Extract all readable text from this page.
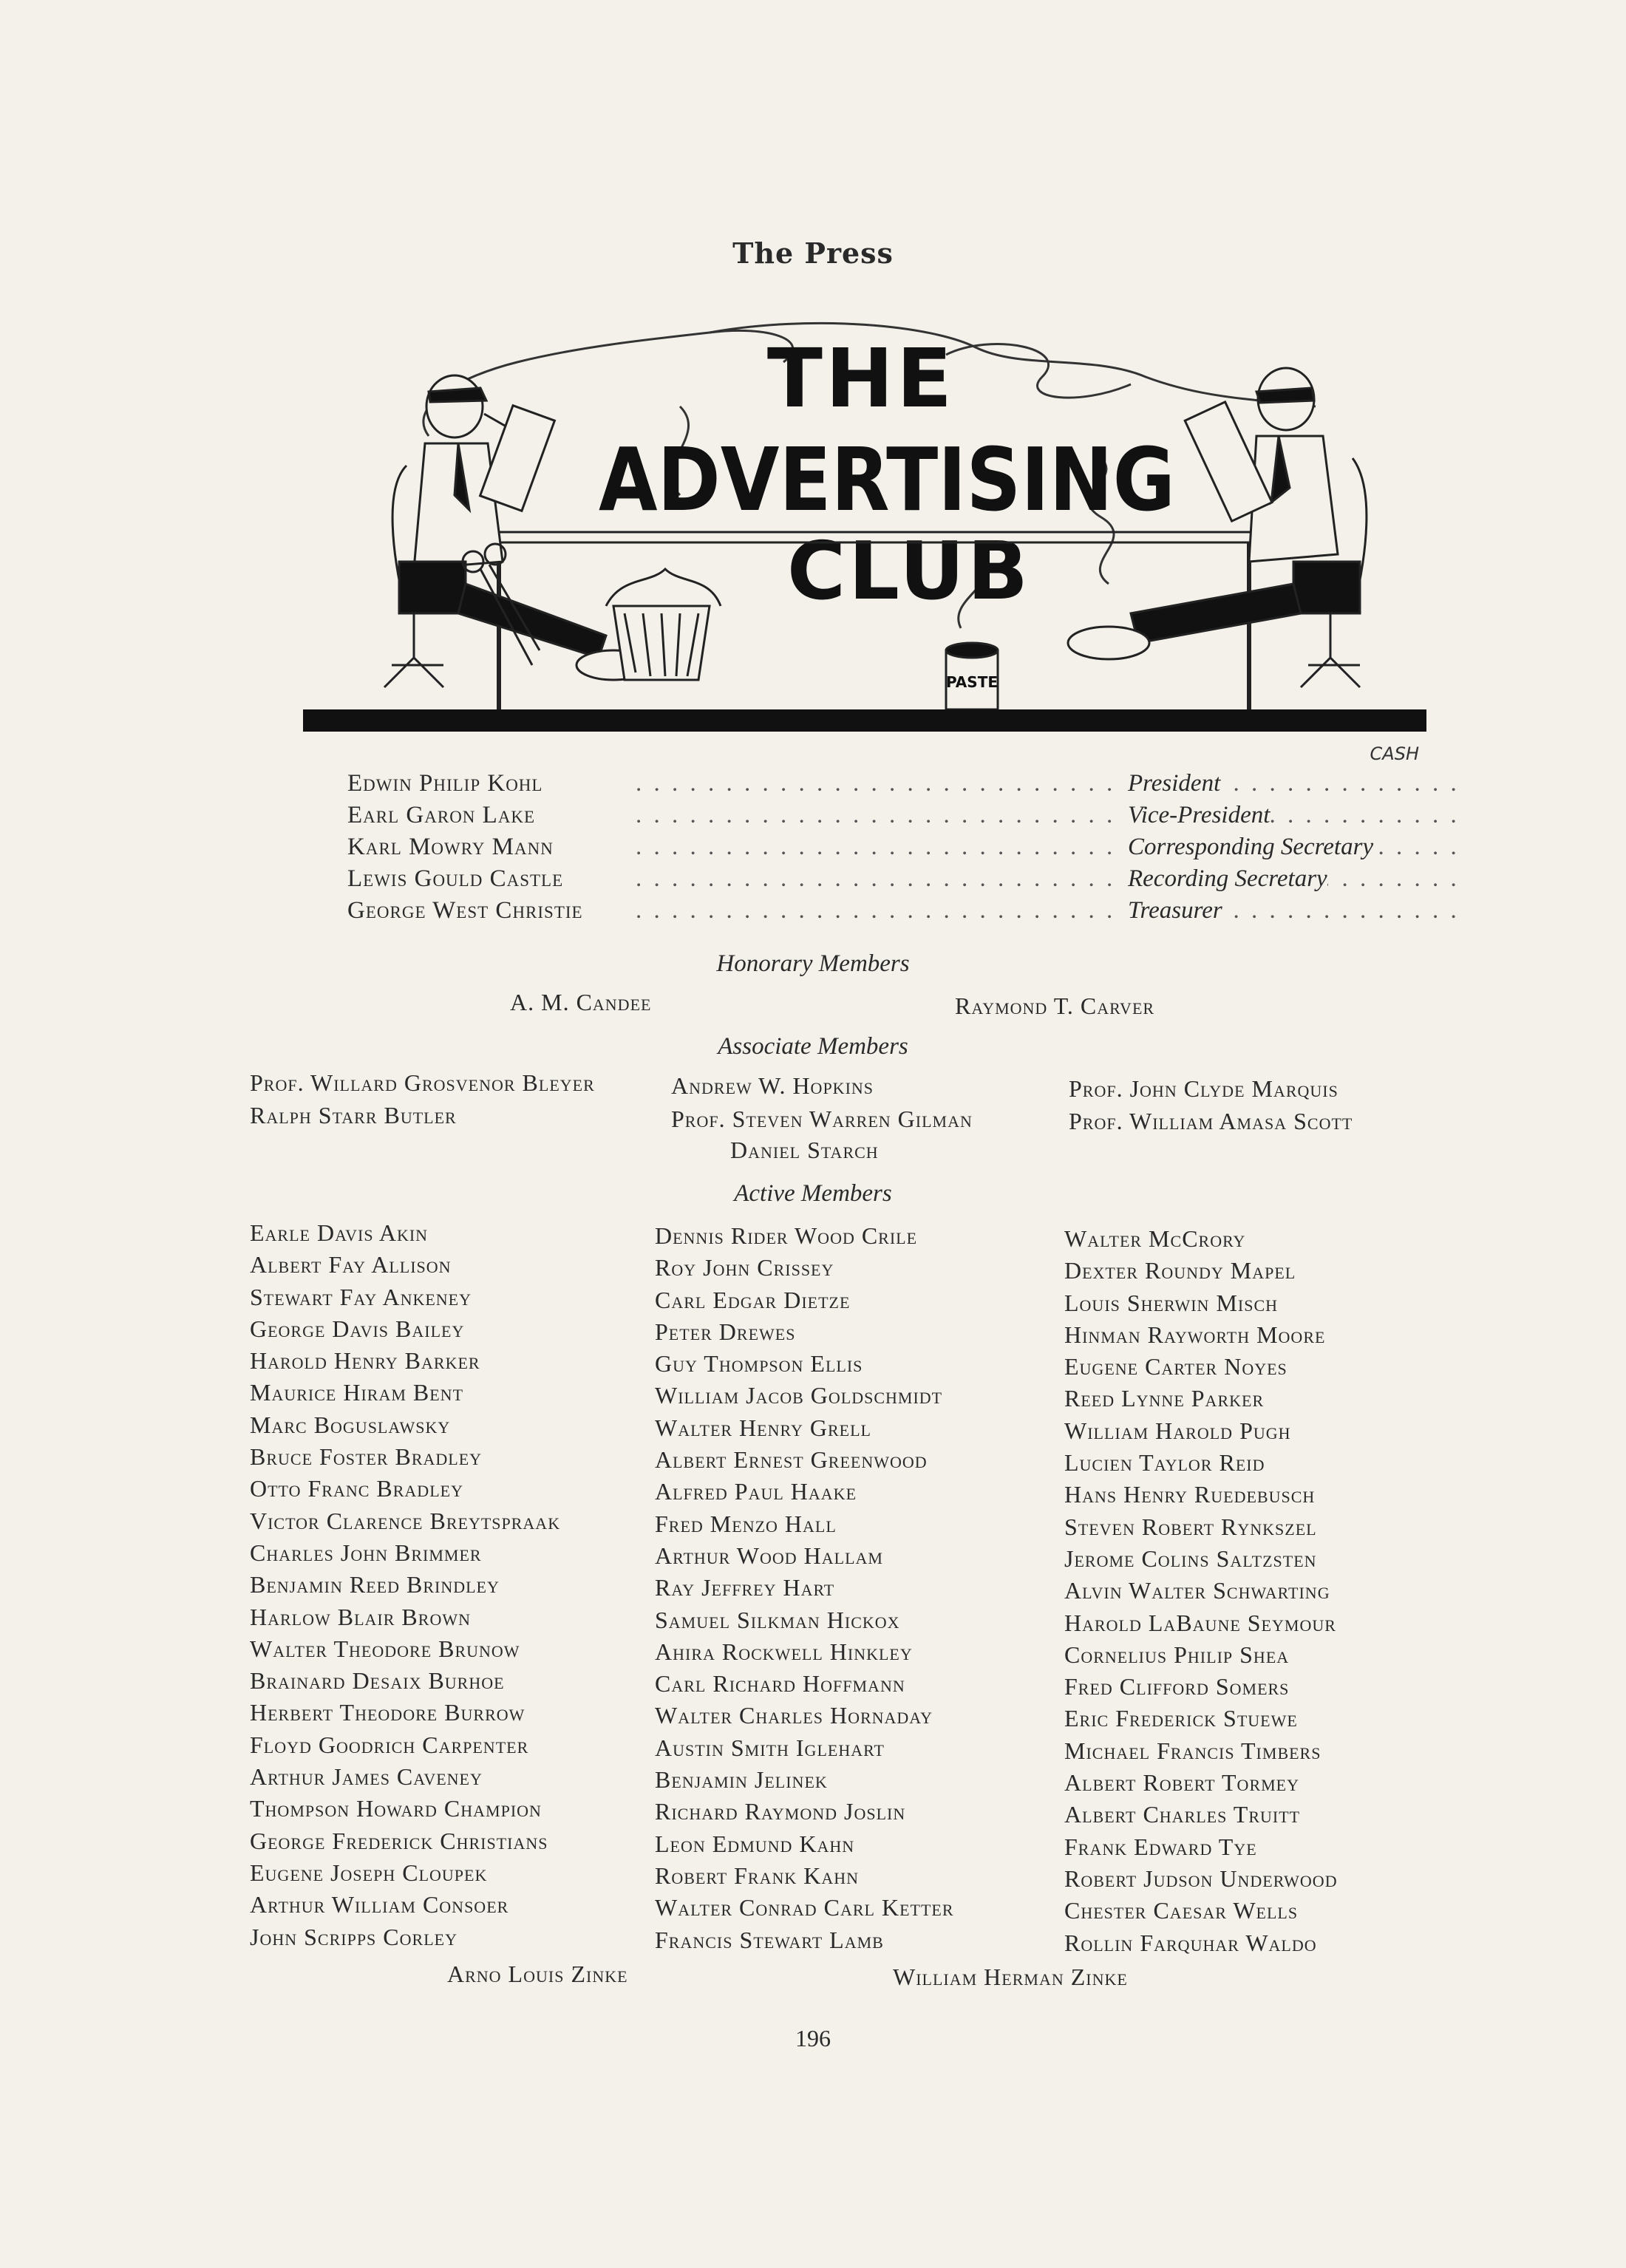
The Press
THE
ADVERTISING
CLUB
PASTE
CASH
Edwin Philip Kohl . . .	President
Earl Garon Lake . . .	Vice-President
Karl Mowry Mann . . .	Corresponding Secretary
Lewis Gould Castle . . .	Recording Secretary
George West Christie . . .	Treasurer
Honorary Members
A. M. Candee	Raymond T. Carver
Associate Members
Prof. Willard Grosvenor Bleyer
Ralph Starr Butler
Andrew W. Hopkins
Prof. Steven Warren Gilman
Prof. John Clyde Marquis
Prof. William Amasa Scott
Daniel Starch
Active Members
Earle Davis Akin
Albert Fay Allison
Stewart Fay Ankeney
George Davis Bailey
Harold Henry Barker
Maurice Hiram Bent
Marc Boguslawsky
Bruce Foster Bradley
Otto Franc Bradley
Victor Clarence Breytspraak
Charles John Brimmer
Benjamin Reed Brindley
Harlow Blair Brown
Walter Theodore Brunow
Brainard Desaix Burhoe
Herbert Theodore Burrow
Floyd Goodrich Carpenter
Arthur James Caveney
Thompson Howard Champion
George Frederick Christians
Eugene Joseph Cloupek
Arthur William Consoer
John Scripps Corley
Dennis Rider Wood Crile
Roy John Crissey
Carl Edgar Dietze
Peter Drewes
Guy Thompson Ellis
William Jacob Goldschmidt
Walter Henry Grell
Albert Ernest Greenwood
Alfred Paul Haake
Fred Menzo Hall
Arthur Wood Hallam
Ray Jeffrey Hart
Samuel Silkman Hickox
Ahira Rockwell Hinkley
Carl Richard Hoffmann
Walter Charles Hornaday
Austin Smith Iglehart
Benjamin Jelinek
Richard Raymond Joslin
Leon Edmund Kahn
Robert Frank Kahn
Walter Conrad Carl Ketter
Francis Stewart Lamb
Walter McCrory
Dexter Roundy Mapel
Louis Sherwin Misch
Hinman Rayworth Moore
Eugene Carter Noyes
Reed Lynne Parker
William Harold Pugh
Lucien Taylor Reid
Hans Henry Ruedebusch
Steven Robert Rynkszel
Jerome Colins Saltzsten
Alvin Walter Schwarting
Harold LaBaune Seymour
Cornelius Philip Shea
Fred Clifford Somers
Eric Frederick Stuewe
Michael Francis Timbers
Albert Robert Tormey
Albert Charles Truitt
Frank Edward Tye
Robert Judson Underwood
Chester Caesar Wells
Rollin Farquhar Waldo
Arno Louis Zinke	William Herman Zinke
196
